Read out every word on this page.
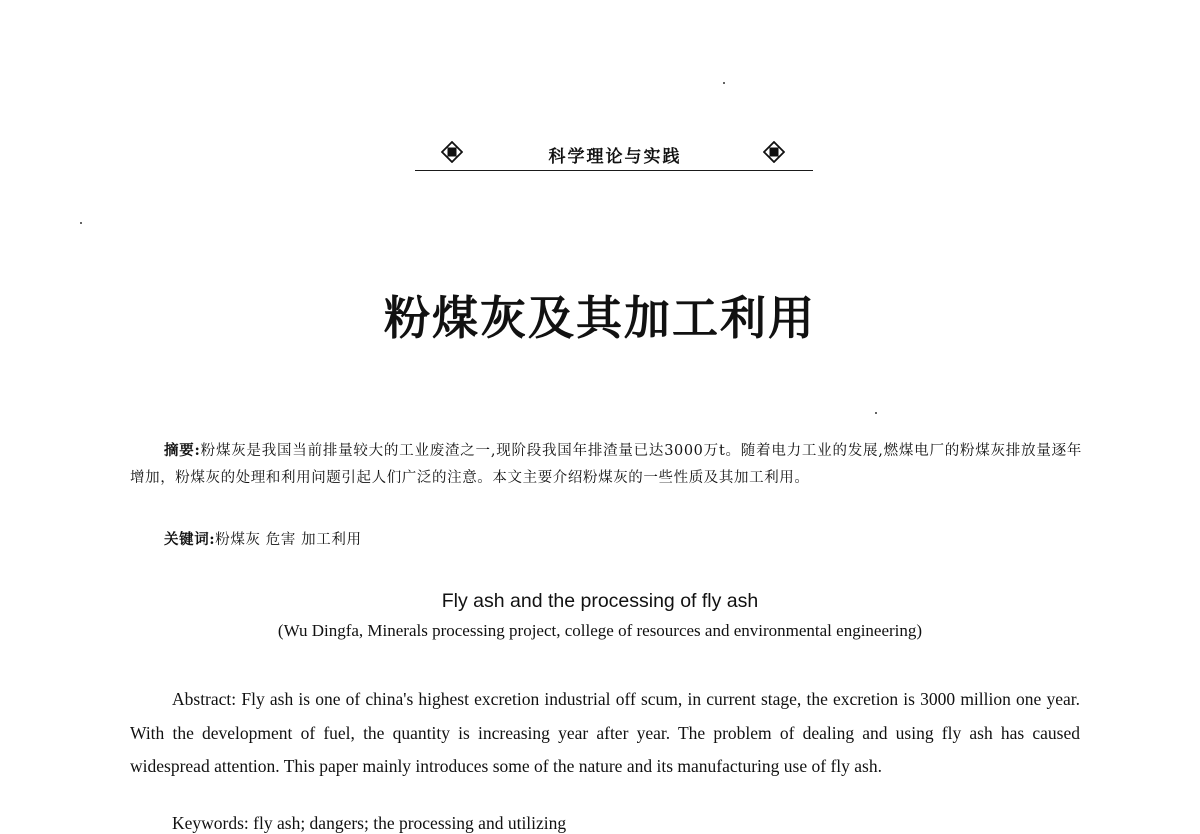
科学理论与实践
粉煤灰及其加工利用
摘要:粉煤灰是我国当前排量较大的工业废渣之一,现阶段我国年排渣量已达3000万t。随着电力工业的发展,燃煤电厂的粉煤灰排放量逐年增加，粉煤灰的处理和利用问题引起人们广泛的注意。本文主要介绍粉煤灰的一些性质及其加工利用。
关键词:粉煤灰 危害 加工利用
Fly ash and the processing of fly ash
(Wu Dingfa, Minerals processing project, college of resources and environmental engineering)
Abstract: Fly ash is one of china's highest excretion industrial off scum, in current stage, the excretion is 3000 million one year. With the development of fuel, the quantity is increasing year after year. The problem of dealing and using fly ash has caused widespread attention. This paper mainly introduces some of the nature and its manufacturing use of fly ash.
Keywords: fly ash; dangers; the processing and utilizing
